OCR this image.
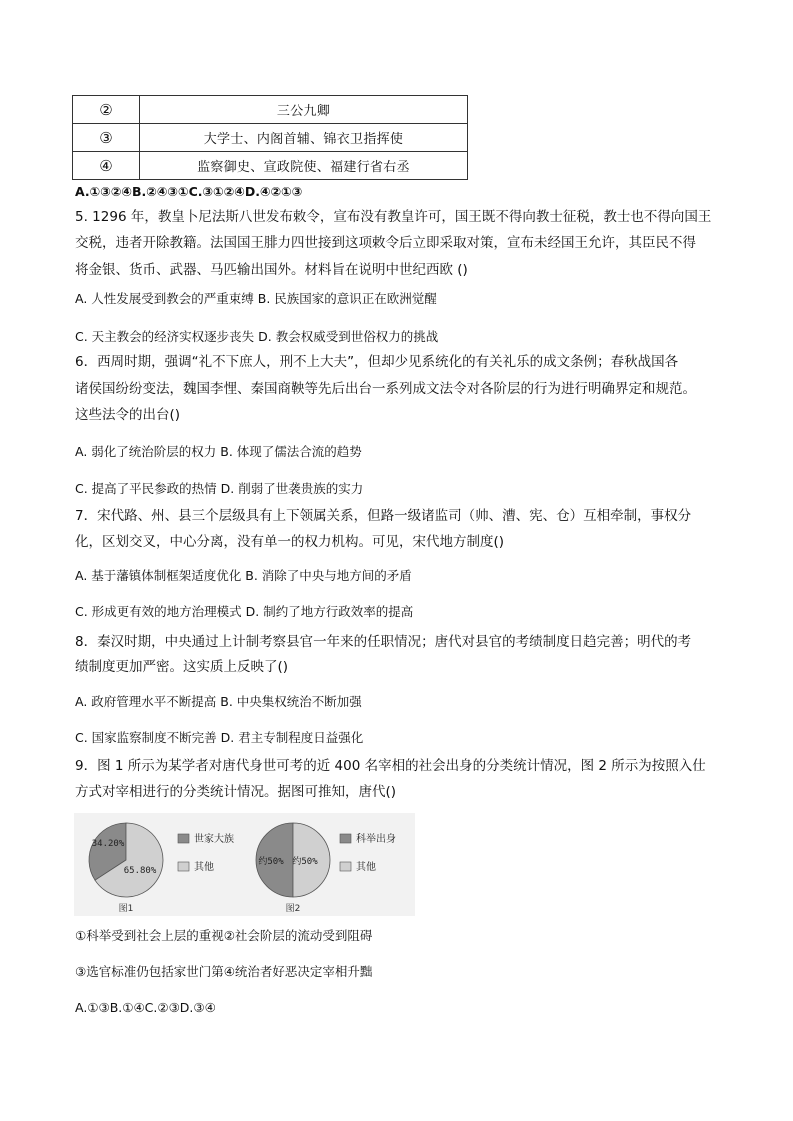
②	三公九卿
③	大学士、内阁首辅、锦衣卫指挥使
④	监察御史、宣政院使、福建行省右丞
A.①③②④B.②④③①C.③①②④D.④②①③
5. 1296 年，教皇卜尼法斯八世发布敕令，宣布没有教皇许可，国王既不得向教士征税，教士也不得向国王
交税，违者开除教籍。法国国王腓力四世接到这项敕令后立即采取对策，宣布未经国王允许，其臣民不得
将金银、货币、武器、马匹输出国外。材料旨在说明中世纪西欧 ()
A. 人性发展受到教会的严重束缚 B. 民族国家的意识正在欧洲觉醒
C. 天主教会的经济实权逐步丧失 D. 教会权威受到世俗权力的挑战
6．西周时期，强调“礼不下庶人，刑不上大夫”，但却少见系统化的有关礼乐的成文条例；春秋战国各
诸侯国纷纷变法，魏国李悝、秦国商鞅等先后出台一系列成文法令对各阶层的行为进行明确界定和规范。
这些法令的出台()
A. 弱化了统治阶层的权力 B. 体现了儒法合流的趋势
C. 提高了平民参政的热情 D. 削弱了世袭贵族的实力
7．宋代路、州、县三个层级具有上下领属关系，但路一级诸监司（帅、漕、宪、仓）互相牵制，事权分
化，区划交叉，中心分离，没有单一的权力机构。可见，宋代地方制度()
A. 基于藩镇体制框架适度优化 B. 消除了中央与地方间的矛盾
C. 形成更有效的地方治理模式 D. 制约了地方行政效率的提高
8．秦汉时期，中央通过上计制考察县官一年来的任职情况；唐代对县官的考绩制度日趋完善；明代的考
绩制度更加严密。这实质上反映了()
A. 政府管理水平不断提高 B. 中央集权统治不断加强
C. 国家监察制度不断完善 D. 君主专制程度日益强化
9．图 1 所示为某学者对唐代身世可考的近 400 名宰相的社会出身的分类统计情况，图 2 所示为按照入仕
方式对宰相进行的分类统计情况。据图可推知，唐代()
34.20%
65.80%
世家大族
其他
图1
约50% 约50%
科举出身
其他
图2
①科举受到社会上层的重视②社会阶层的流动受到阻碍
③选官标准仍包括家世门第④统治者好恶决定宰相升黜
A.①③B.①④C.②③D.③④
